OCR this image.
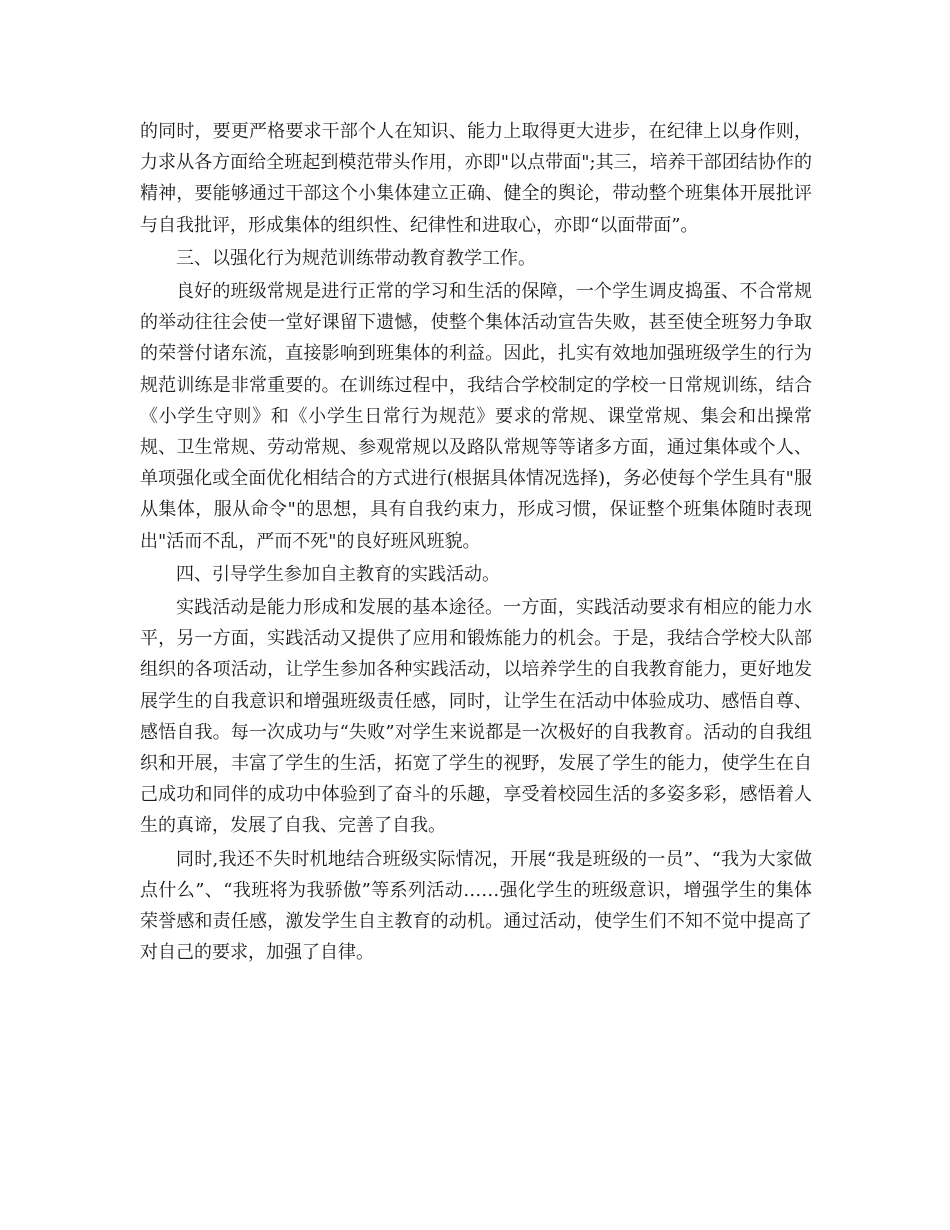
的同时，要更严格要求干部个人在知识、能力上取得更大进步，在纪律上以身作则，力求从各方面给全班起到模范带头作用，亦即"以点带面";其三，培养干部团结协作的精神，要能够通过干部这个小集体建立正确、健全的舆论，带动整个班集体开展批评与自我批评，形成集体的组织性、纪律性和进取心，亦即“以面带面”。

三、以强化行为规范训练带动教育教学工作。

良好的班级常规是进行正常的学习和生活的保障，一个学生调皮捣蛋、不合常规的举动往往会使一堂好课留下遗憾，使整个集体活动宣告失败，甚至使全班努力争取的荣誉付诸东流，直接影响到班集体的利益。因此，扎实有效地加强班级学生的行为规范训练是非常重要的。在训练过程中，我结合学校制定的学校一日常规训练，结合《小学生守则》和《小学生日常行为规范》要求的常规、课堂常规、集会和出操常规、卫生常规、劳动常规、参观常规以及路队常规等等诸多方面，通过集体或个人、单项强化或全面优化相结合的方式进行(根据具体情况选择)，务必使每个学生具有"服从集体，服从命令"的思想，具有自我约束力，形成习惯，保证整个班集体随时表现出"活而不乱，严而不死"的良好班风班貌。

四、引导学生参加自主教育的实践活动。

实践活动是能力形成和发展的基本途径。一方面，实践活动要求有相应的能力水平，另一方面，实践活动又提供了应用和锻炼能力的机会。于是，我结合学校大队部组织的各项活动，让学生参加各种实践活动，以培养学生的自我教育能力，更好地发展学生的自我意识和增强班级责任感，同时，让学生在活动中体验成功、感悟自尊、感悟自我。每一次成功与“失败”对学生来说都是一次极好的自我教育。活动的自我组织和开展，丰富了学生的生活，拓宽了学生的视野，发展了学生的能力，使学生在自己成功和同伴的成功中体验到了奋斗的乐趣，享受着校园生活的多姿多彩，感悟着人生的真谛，发展了自我、完善了自我。

同时,我还不失时机地结合班级实际情况，开展“我是班级的一员”、“我为大家做点什么”、“我班将为我骄傲”等系列活动……强化学生的班级意识，增强学生的集体荣誉感和责任感，激发学生自主教育的动机。通过活动，使学生们不知不觉中提高了对自己的要求，加强了自律。
